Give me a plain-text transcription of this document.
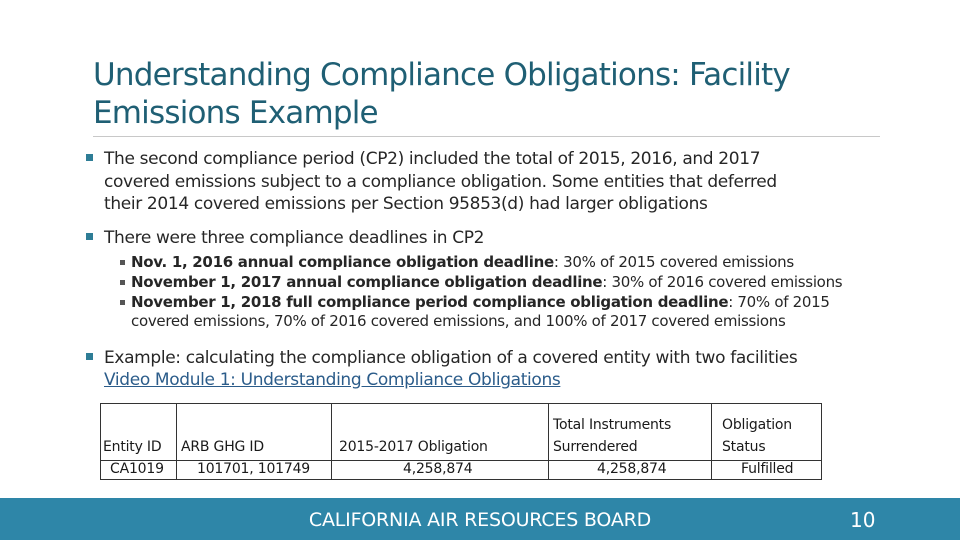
Understanding Compliance Obligations: Facility
Emissions Example
The second compliance period (CP2) included the total of 2015, 2016, and 2017
covered emissions subject to a compliance obligation. Some entities that deferred
their 2014 covered emissions per Section 95853(d) had larger obligations
There were three compliance deadlines in CP2
Nov. 1, 2016 annual compliance obligation deadline: 30% of 2015 covered emissions
November 1, 2017 annual compliance obligation deadline: 30% of 2016 covered emissions
November 1, 2018 full compliance period compliance obligation deadline: 70% of 2015
covered emissions, 70% of 2016 covered emissions, and 100% of 2017 covered emissions
Example: calculating the compliance obligation of a covered entity with two facilities
Video Module 1: Understanding Compliance Obligations
Entity ID
CA1019
ARB GHG ID
101701, 101749
2015-2017 Obligation
4,258,874
Total Instruments
Surrendered
4,258,874
Obligation
Status
Fulfilled
CALIFORNIA AIR RESOURCES BOARD	10
